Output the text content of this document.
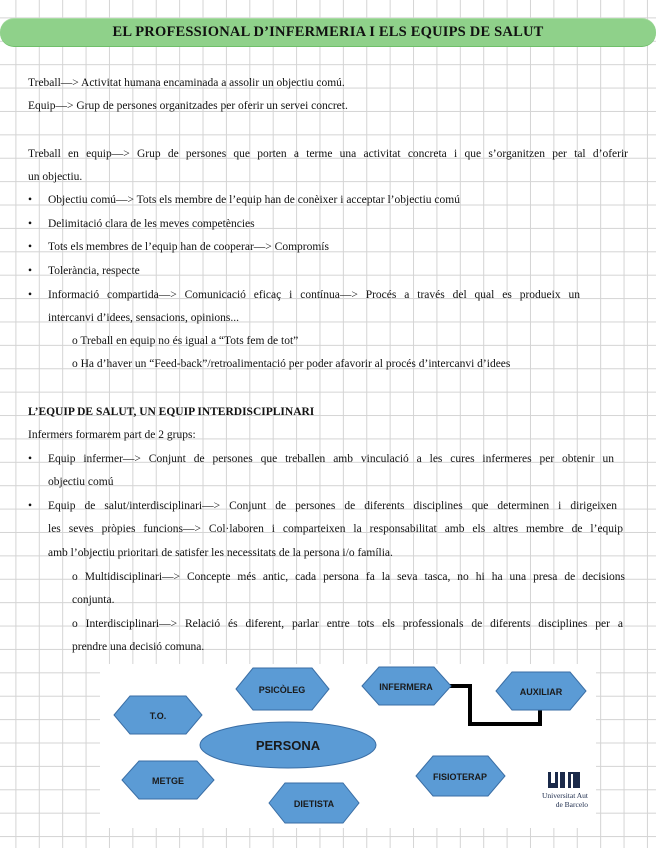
EL PROFESSIONAL D’INFERMERIA I ELS EQUIPS DE SALUT
Treball—> Activitat humana encaminada a assolir un objectiu comú.
Equip—> Grup de persones organitzades per oferir un servei concret.
Treball en equip—> Grup de persones que porten a terme una activitat concreta i que s’organitzen per tal d’oferir
un objectiu.
• Objectiu comú—> Tots els membre de l’equip han de conèixer i acceptar l’objectiu comú
• Delimitació clara de les meves competències
• Tots els membres de l’equip han de cooperar—> Compromís
• Tolerància, respecte
• Informació compartida—> Comunicació eficaç i contínua—> Procés a través del qual es produeix un
intercanvi d’idees, sensacions, opinions...
o Treball en equip no és igual a “Tots fem de tot”
o Ha d’haver un “Feed-back”/retroalimentació per poder afavorir al procés d’intercanvi d’idees
L’EQUIP DE SALUT, UN EQUIP INTERDISCIPLINARI
Infermers formarem part de 2 grups:
• Equip infermer—> Conjunt de persones que treballen amb vinculació a les cures infermeres per obtenir un
objectiu comú
• Equip de salut/interdisciplinari—> Conjunt de persones de diferents disciplines que determinen i dirigeixen
les seves pròpies funcions—> Col·laboren i comparteixen la responsabilitat amb els altres membre de l’equip
amb l’objectiu prioritari de satisfer les necessitats de la persona i/o família.
o Multidisciplinari—> Concepte més antic, cada persona fa la seva tasca, no hi ha una presa de decisions
conjunta.
o Interdisciplinari—> Relació és diferent, parlar entre tots els professionals de diferents disciplines per a
prendre una decisió comuna.
PERSONA
T.O.
PSICÒLEG	INFERMERA	AUXILIAR
METGE
DIETISTA
FISIOTERAP
Universitat Aut
de Barcelo
